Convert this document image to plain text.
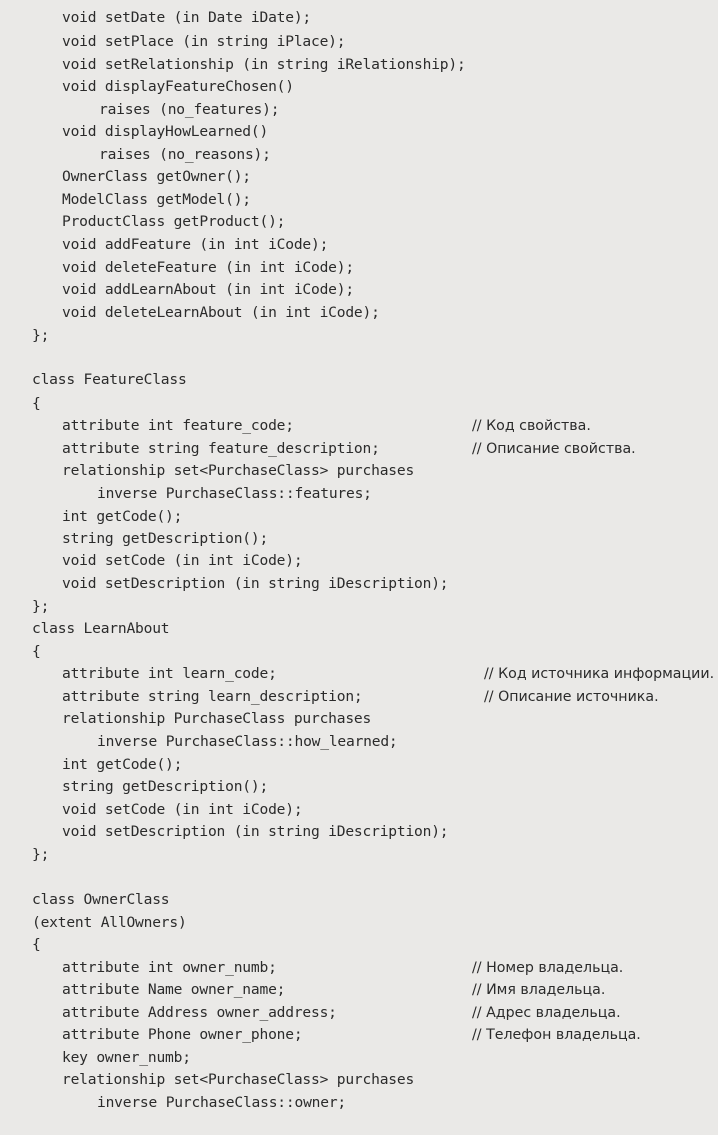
void setDate (in Date iDate);
void setPlace (in string iPlace);
void setRelationship (in string iRelationship);
void displayFeatureChosen()
raises (no_features);
void displayHowLearned()
raises (no_reasons);
OwnerClass getOwner();
ModelClass getModel();
ProductClass getProduct();
void addFeature (in int iCode);
void deleteFeature (in int iCode);
void addLearnAbout (in int iCode);
void deleteLearnAbout (in int iCode);
};
class FeatureClass
{
attribute int feature_code;	// Код свойства.
attribute string feature_description;	// Описание свойства.
relationship set<PurchaseClass> purchases
inverse PurchaseClass::features;
int getCode();
string getDescription();
void setCode (in int iCode);
void setDescription (in string iDescription);
};
class LearnAbout
{
attribute int learn_code;	// Код источника информации.
attribute string learn_description;	// Описание источника.
relationship PurchaseClass purchases
inverse PurchaseClass::how_learned;
int getCode();
string getDescription();
void setCode (in int iCode);
void setDescription (in string iDescription);
};
class OwnerClass
(extent AllOwners)
{
attribute int owner_numb;	// Номер владельца.
attribute Name owner_name;	// Имя владельца.
attribute Address owner_address;	// Адрес владельца.
attribute Phone owner_phone;	// Телефон владельца.
key owner_numb;
relationship set<PurchaseClass> purchases
inverse PurchaseClass::owner;
